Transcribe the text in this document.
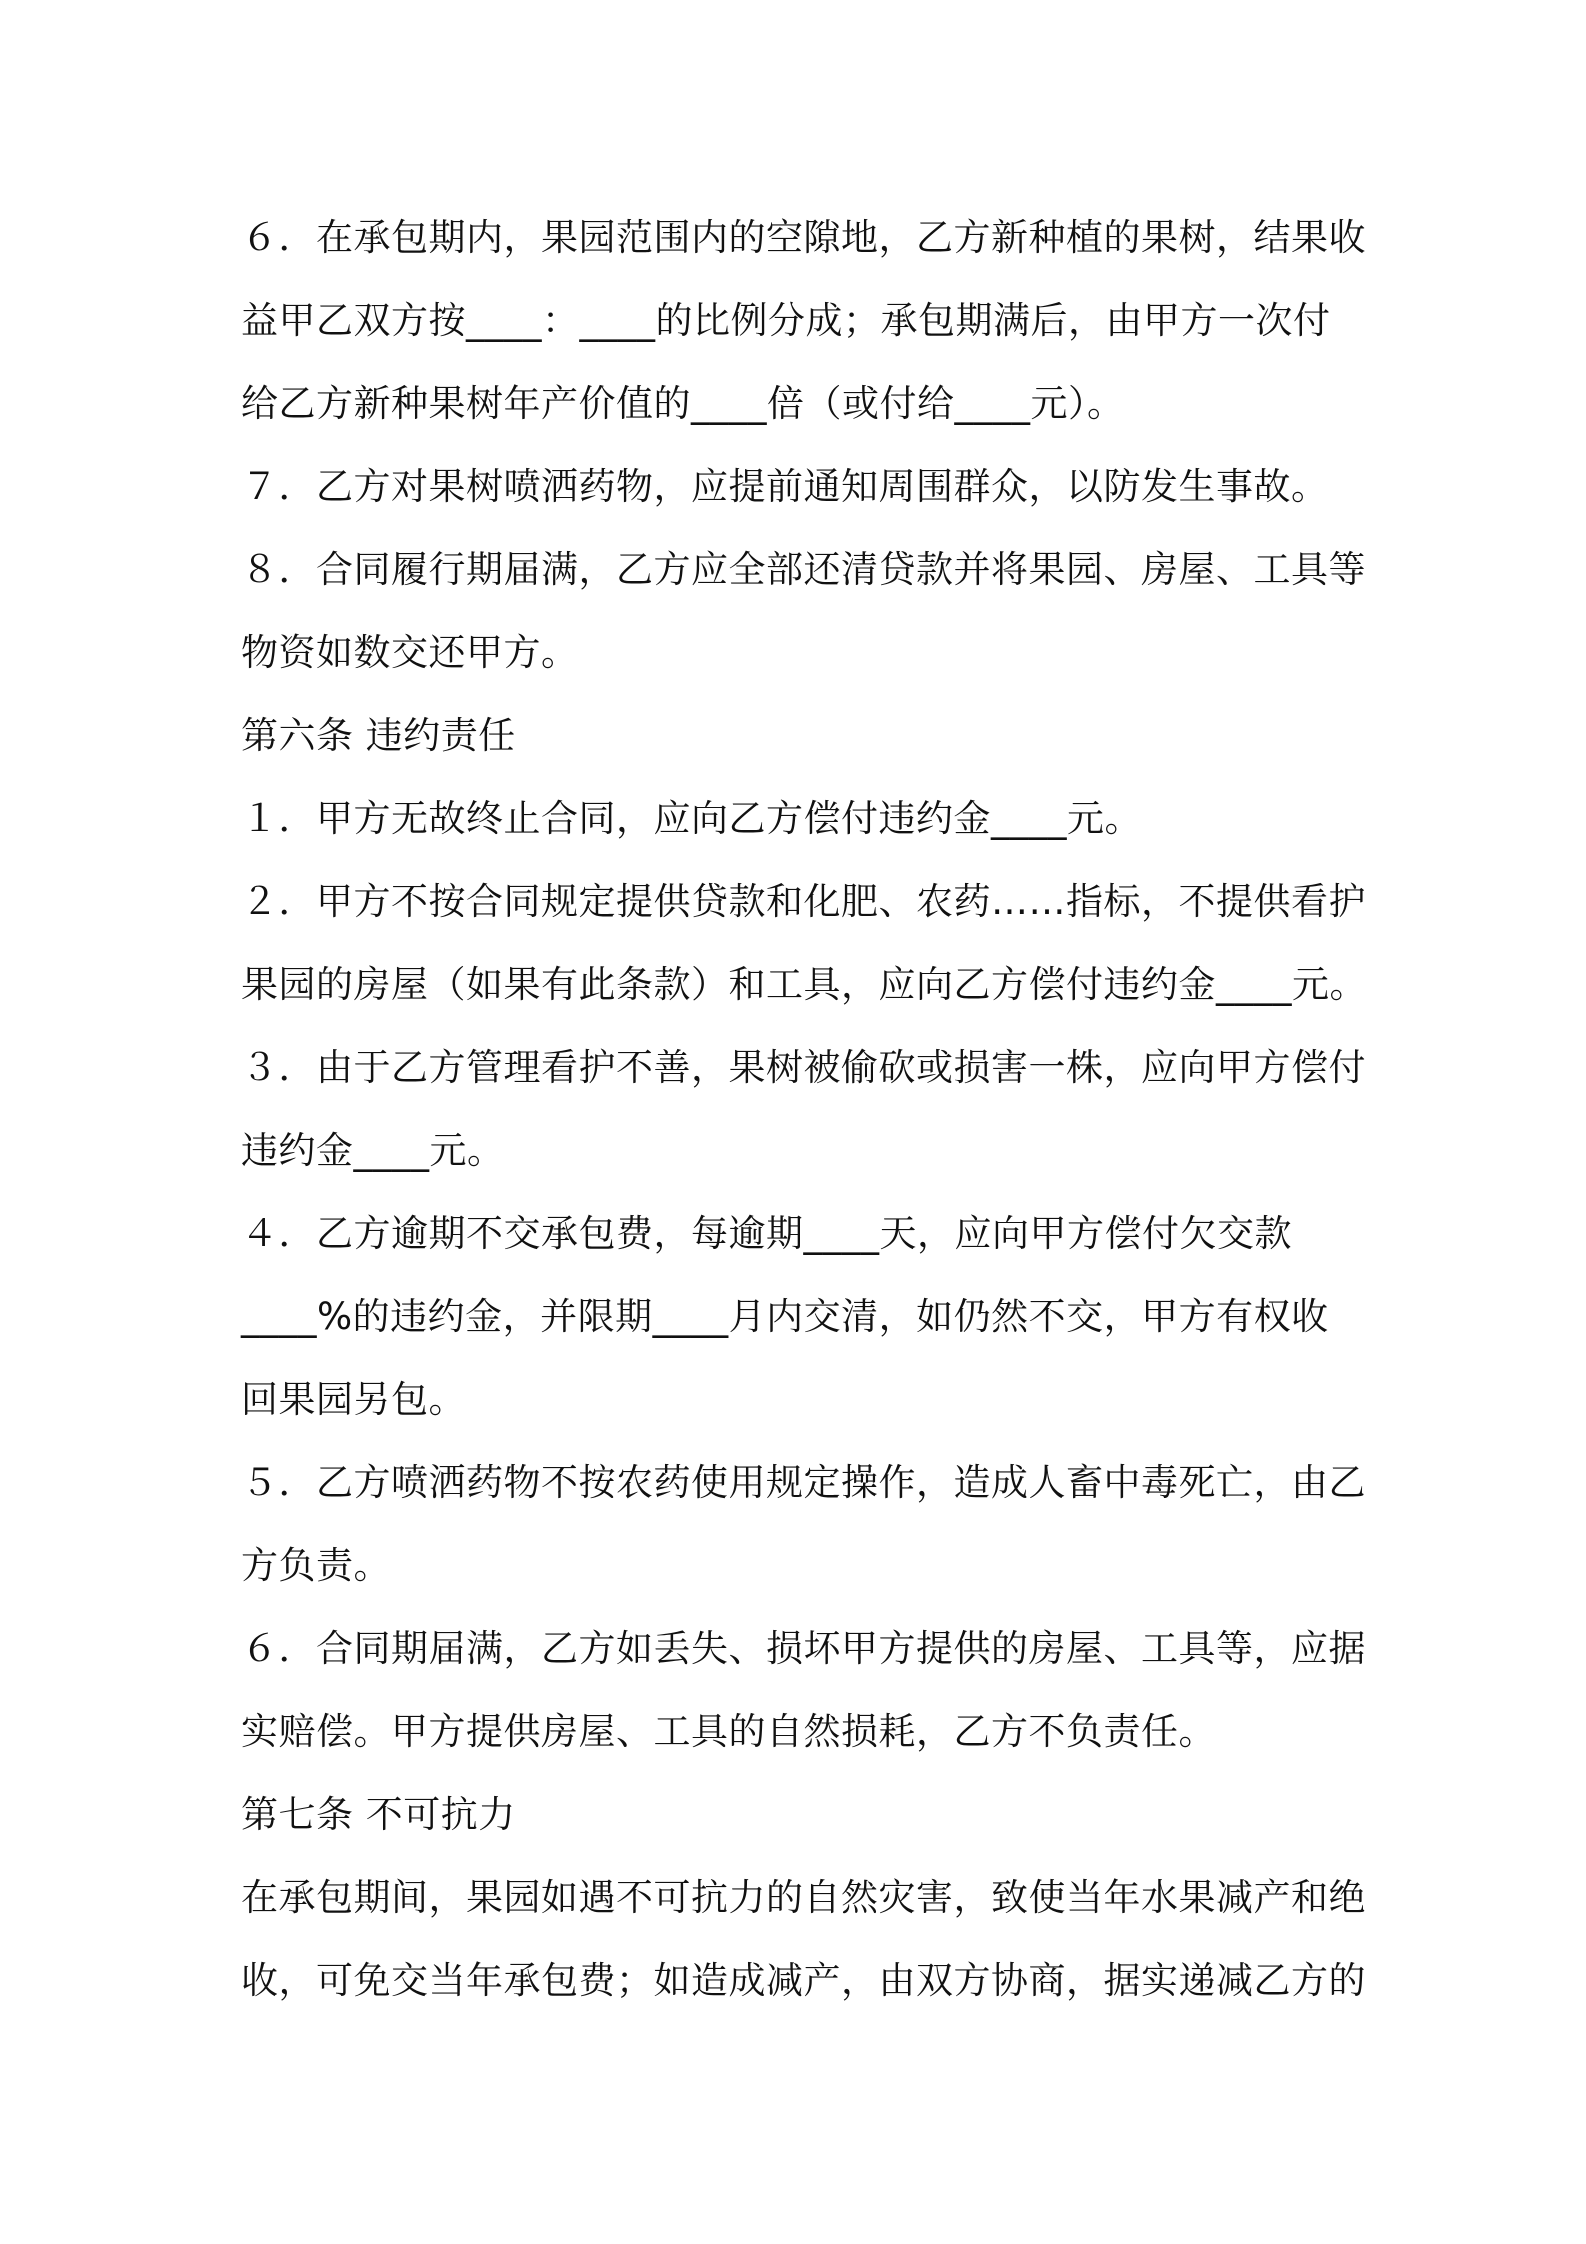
６．在承包期内，果园范围内的空隙地，乙方新种植的果树，结果收
益甲乙双方按____：____的比例分成；承包期满后，由甲方一次付
给乙方新种果树年产价值的____倍（或付给____元）。
７．乙方对果树喷洒药物，应提前通知周围群众，以防发生事故。
８．合同履行期届满，乙方应全部还清贷款并将果园、房屋、工具等
物资如数交还甲方。
第六条 违约责任
１．甲方无故终止合同，应向乙方偿付违约金____元。
２．甲方不按合同规定提供贷款和化肥、农药……指标，不提供看护
果园的房屋（如果有此条款）和工具，应向乙方偿付违约金____元。
３．由于乙方管理看护不善，果树被偷砍或损害一株，应向甲方偿付
违约金____元。
４．乙方逾期不交承包费，每逾期____天，应向甲方偿付欠交款
____%的违约金，并限期____月内交清，如仍然不交，甲方有权收
回果园另包。
５．乙方喷洒药物不按农药使用规定操作，造成人畜中毒死亡，由乙
方负责。
６．合同期届满，乙方如丢失、损坏甲方提供的房屋、工具等，应据
实赔偿。甲方提供房屋、工具的自然损耗，乙方不负责任。
第七条 不可抗力
在承包期间，果园如遇不可抗力的自然灾害，致使当年水果减产和绝
收，可免交当年承包费；如造成减产，由双方协商，据实递减乙方的
